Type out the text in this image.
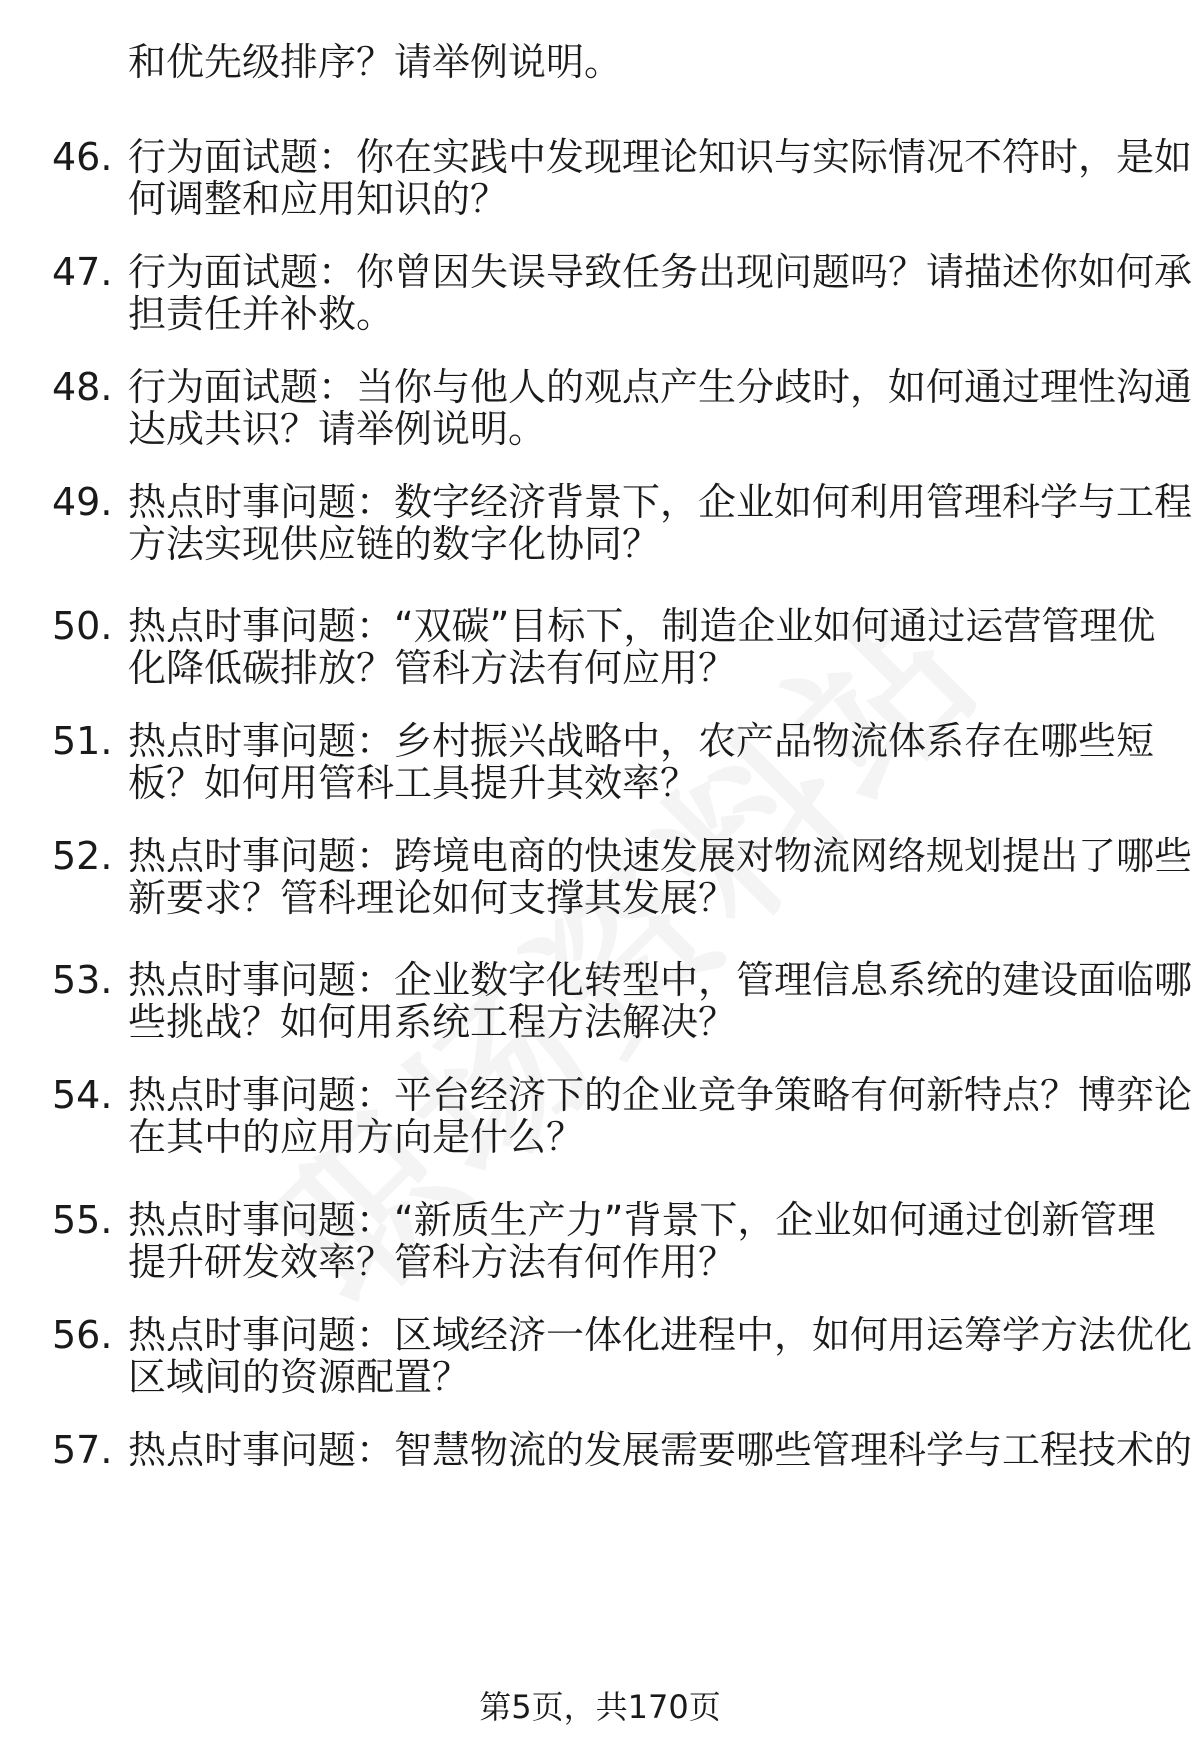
和优先级排序？请举例说明。
46. 行为面试题：你在实践中发现理论知识与实际情况不符时，是如
何调整和应用知识的？
47. 行为面试题：你曾因失误导致任务出现问题吗？请描述你如何承
担责任并补救。
48. 行为面试题：当你与他人的观点产生分歧时，如何通过理性沟通
达成共识？请举例说明。
49. 热点时事问题：数字经济背景下，企业如何利用管理科学与工程
方法实现供应链的数字化协同？
50. 热点时事问题：“双碳”目标下，制造企业如何通过运营管理优
化降低碳排放？管科方法有何应用？
51. 热点时事问题：乡村振兴战略中，农产品物流体系存在哪些短
板？如何用管科工具提升其效率？
52. 热点时事问题：跨境电商的快速发展对物流网络规划提出了哪些
新要求？管科理论如何支撑其发展？
53. 热点时事问题：企业数字化转型中，管理信息系统的建设面临哪
些挑战？如何用系统工程方法解决？
54. 热点时事问题：平台经济下的企业竞争策略有何新特点？博弈论
在其中的应用方向是什么？
55. 热点时事问题：“新质生产力”背景下，企业如何通过创新管理
提升研发效率？管科方法有何作用？
56. 热点时事问题：区域经济一体化进程中，如何用运筹学方法优化
区域间的资源配置？
57. 热点时事问题：智慧物流的发展需要哪些管理科学与工程技术的
第5页，共170页
